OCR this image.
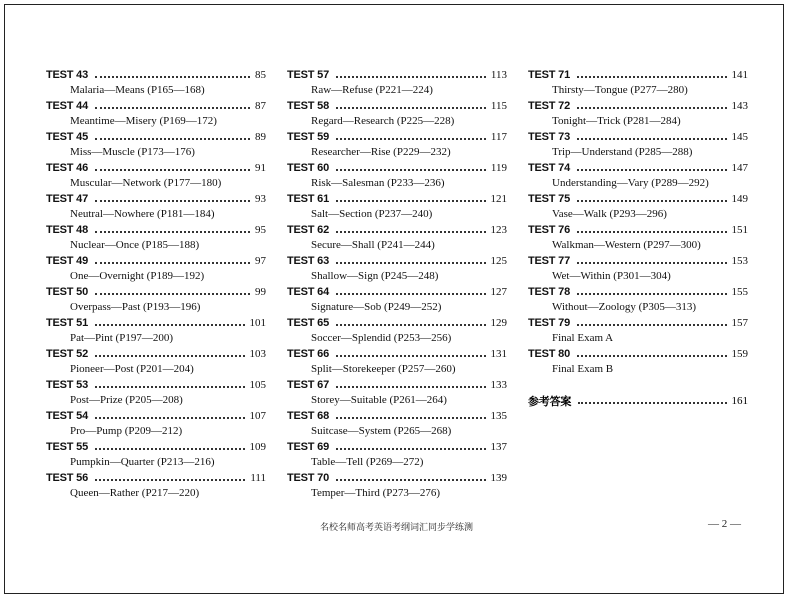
TEST 43	85
Malaria—Means (P165—168)
TEST 44	87
Meantime—Misery (P169—172)
TEST 45	89
Miss—Muscle (P173—176)
TEST 46	91
Muscular—Network (P177—180)
TEST 47	93
Neutral—Nowhere (P181—184)
TEST 48	95
Nuclear—Once (P185—188)
TEST 49	97
One—Overnight (P189—192)
TEST 50	99
Overpass—Past (P193—196)
TEST 51	101
Pat—Pint (P197—200)
TEST 52	103
Pioneer—Post (P201—204)
TEST 53	105
Post—Prize (P205—208)
TEST 54	107
Pro—Pump (P209—212)
TEST 55	109
Pumpkin—Quarter (P213—216)
TEST 56	111
Queen—Rather (P217—220)
TEST 57	113
Raw—Refuse (P221—224)
TEST 58	115
Regard—Research (P225—228)
TEST 59	117
Researcher—Rise (P229—232)
TEST 60	119
Risk—Salesman (P233—236)
TEST 61	121
Salt—Section (P237—240)
TEST 62	123
Secure—Shall (P241—244)
TEST 63	125
Shallow—Sign (P245—248)
TEST 64	127
Signature—Sob (P249—252)
TEST 65	129
Soccer—Splendid (P253—256)
TEST 66	131
Split—Storekeeper (P257—260)
TEST 67	133
Storey—Suitable (P261—264)
TEST 68	135
Suitcase—System (P265—268)
TEST 69	137
Table—Tell (P269—272)
TEST 70	139
Temper—Third (P273—276)
TEST 71	141
Thirsty—Tongue (P277—280)
TEST 72	143
Tonight—Trick (P281—284)
TEST 73	145
Trip—Understand (P285—288)
TEST 74	147
Understanding—Vary (P289—292)
TEST 75	149
Vase—Walk (P293—296)
TEST 76	151
Walkman—Western (P297—300)
TEST 77	153
Wet—Within (P301—304)
TEST 78	155
Without—Zoology (P305—313)
TEST 79	157
Final Exam A
TEST 80	159
Final Exam B
参考答案	161
名校名师高考英语考纲词汇同步学练测	— 2 —
